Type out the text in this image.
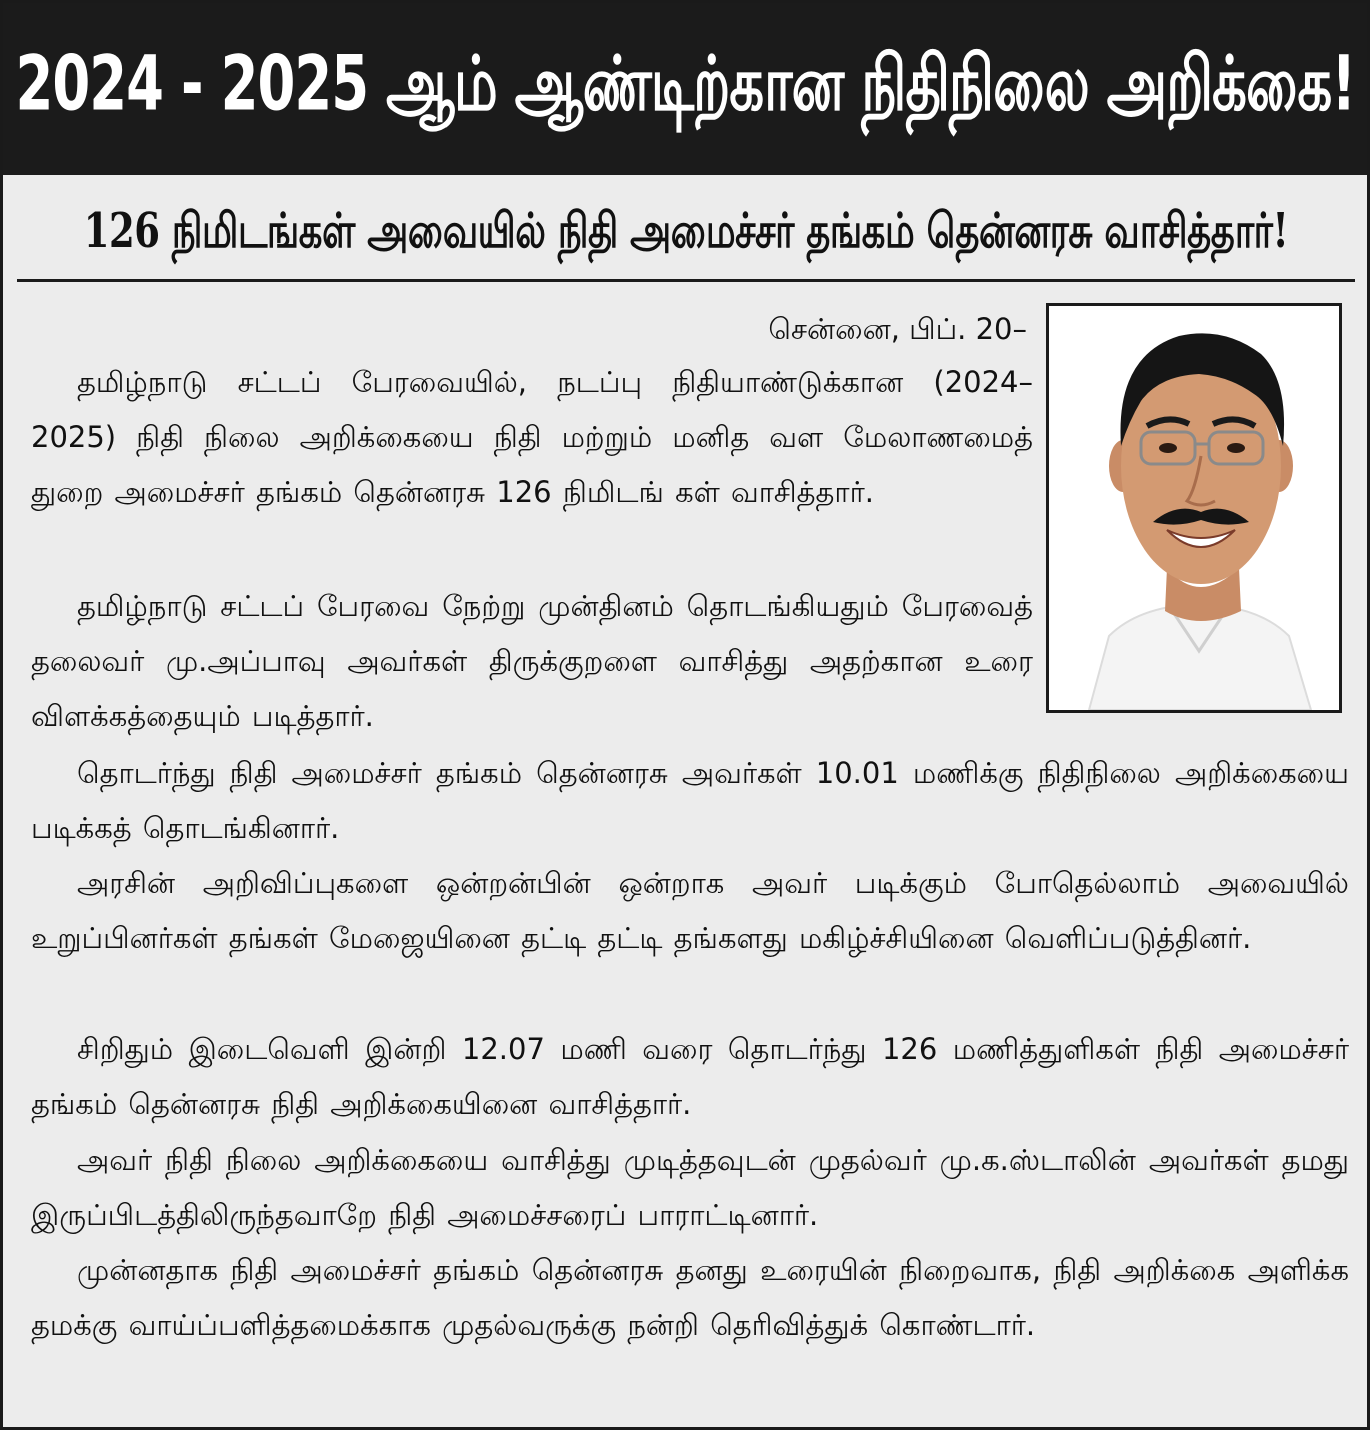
2024 - 2025 ஆம் ஆண்டிற்கான நிதிநிலை அறிக்கை!
126 நிமிடங்கள் அவையில் நிதி அமைச்சர் தங்கம் தென்னரசு வாசித்தார்!
சென்னை, பிப். 20–

தமிழ்நாடு சட்டப் பேரவையில், நடப்பு நிதியாண்டுக்கான (2024– 2025) நிதி நிலை அறிக்கையை நிதி மற்றும் மனித வள மேலாணமைத் துறை அமைச்சர் தங்கம் தென்னரசு 126 நிமிடங் கள் வாசித்தார்.

தமிழ்நாடு சட்டப் பேரவை நேற்று முன்தினம் தொடங்கியதும் பேரவைத் தலைவர் மு.அப்பாவு அவர்கள் திருக்குறளை வாசித்து அதற்கான உரை விளக்கத்தையும் படித்தார்.

தொடர்ந்து நிதி அமைச்சர் தங்கம் தென்னரசு அவர்கள் 10.01 மணிக்கு நிதிநிலை அறிக்கையை படிக்கத் தொடங்கினார்.

அரசின் அறிவிப்புகளை ஒன்றன்பின் ஒன்றாக அவர் படிக்கும் போதெல்லாம் அவையில் உறுப்பினர்கள் தங்கள் மேஜையினை தட்டி தட்டி தங்களது மகிழ்ச்சியினை வெளிப்படுத்தினர்.

சிறிதும் இடைவெளி இன்றி 12.07 மணி வரை தொடர்ந்து 126 மணித்துளிகள் நிதி அமைச்சர் தங்கம் தென்னரசு நிதி அறிக்கையினை வாசித்தார்.

அவர் நிதி நிலை அறிக்கையை வாசித்து முடித்தவுடன் முதல்வர் மு.க.ஸ்டாலின் அவர்கள் தமது இருப்பிடத்திலிருந்தவாறே நிதி அமைச்சரைப் பாராட்டினார்.

முன்னதாக நிதி அமைச்சர் தங்கம் தென்னரசு தனது உரையின் நிறைவாக, நிதி அறிக்கை அளிக்க தமக்கு வாய்ப்பளித்தமைக்காக முதல்வருக்கு நன்றி தெரிவித்துக் கொண்டார்.
